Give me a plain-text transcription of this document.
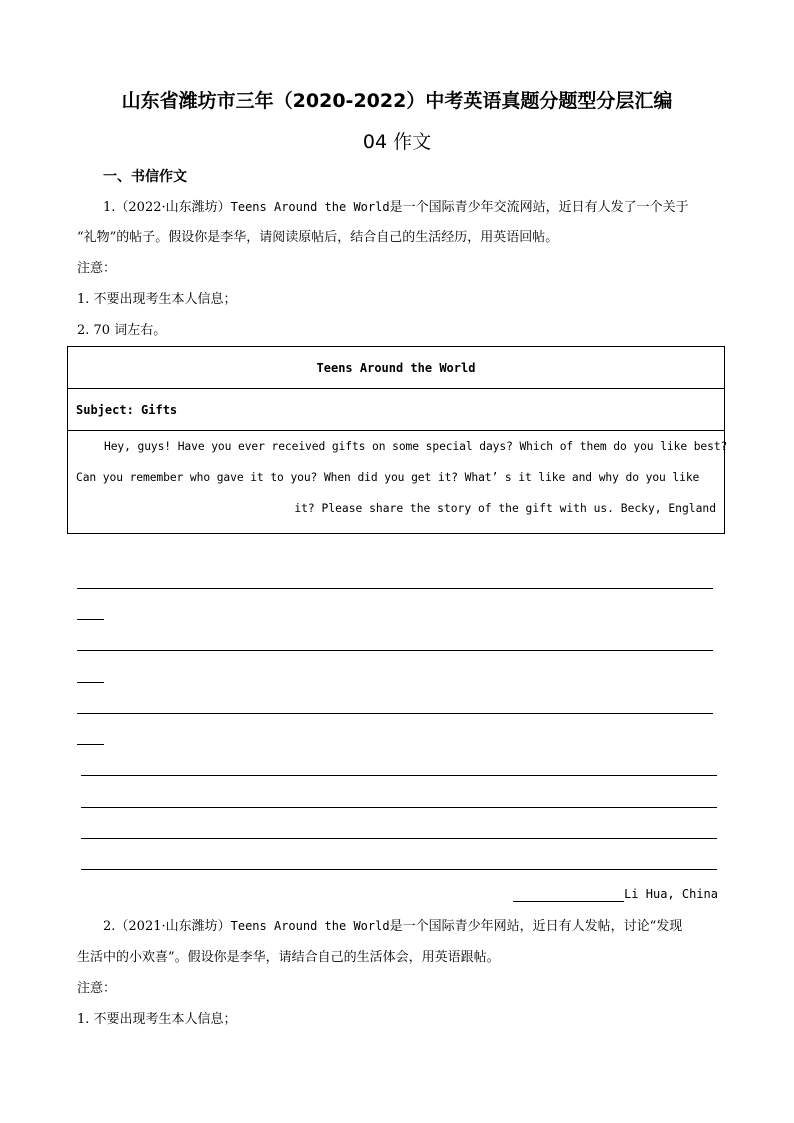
山东省潍坊市三年（2020-2022）中考英语真题分题型分层汇编
04 作文
一、书信作文
1.（2022·山东潍坊）Teens Around the World是一个国际青少年交流网站，近日有人发了一个关于
“礼物”的帖子。假设你是李华，请阅读原帖后，结合自己的生活经历，用英语回帖。
注意：
1. 不要出现考生本人信息；
2. 70 词左右。
Teens Around the World
Subject: Gifts
Hey, guys! Have you ever received gifts on some special days? Which of them do you like best?
Can you remember who gave it to you? When did you get it? What’ s it like and why do you like
it? Please share the story of the gift with us. Becky, England
Li Hua, China
2.（2021·山东潍坊）Teens Around the World是一个国际青少年网站，近日有人发帖，讨论“发现
生活中的小欢喜”。假设你是李华，请结合自己的生活体会，用英语跟帖。
注意：
1. 不要出现考生本人信息；
